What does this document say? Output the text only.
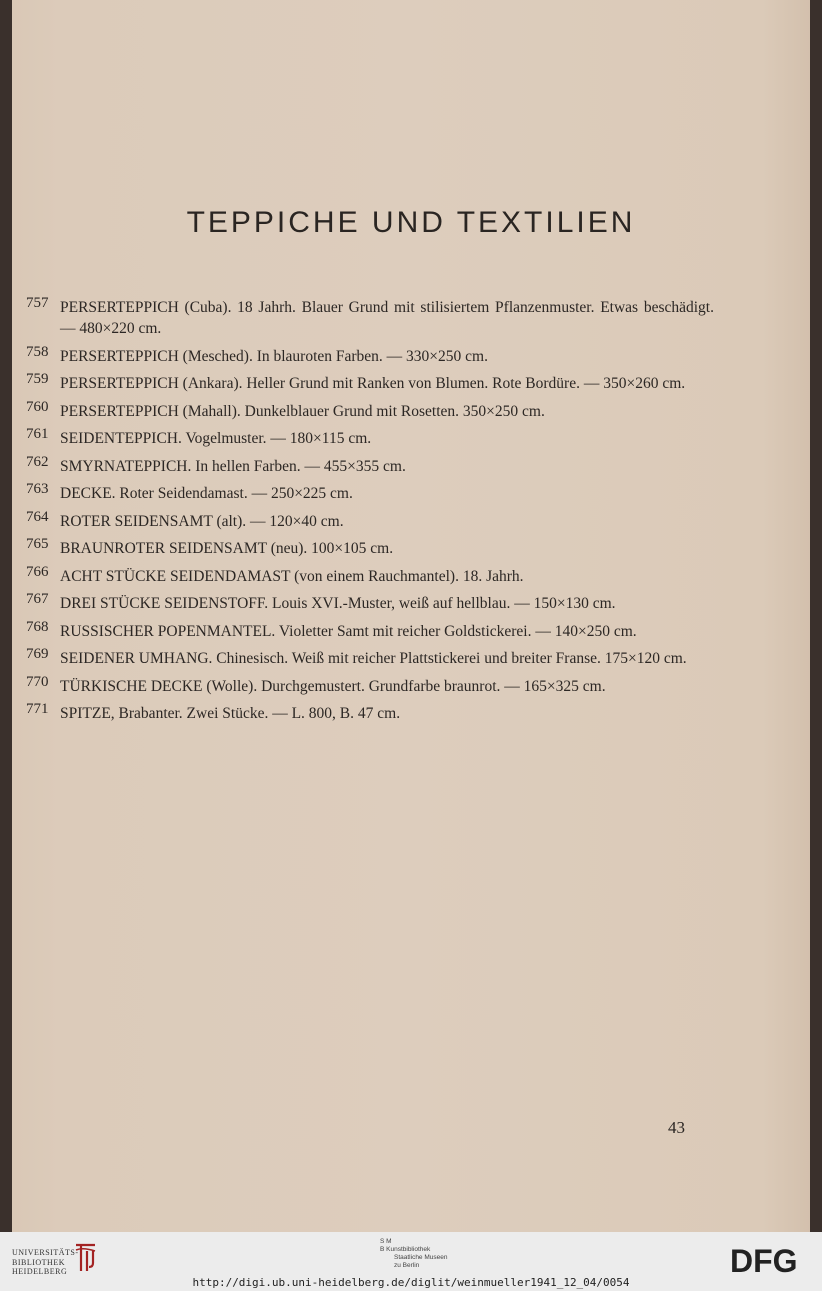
TEPPICHE UND TEXTILIEN
757 PERSERTEPPICH (Cuba). 18 Jahrh. Blauer Grund mit stilisiertem Pflanzenmuster. Etwas beschädigt. — 480×220 cm.
758 PERSERTEPPICH (Mesched). In blauroten Farben. — 330×250 cm.
759 PERSERTEPPICH (Ankara). Heller Grund mit Ranken von Blumen. Rote Bordüre. — 350×260 cm.
760 PERSERTEPPICH (Mahall). Dunkelblauer Grund mit Rosetten. 350×250 cm.
761 SEIDENTEPPICH. Vogelmuster. — 180×115 cm.
762 SMYRNATEPPICH. In hellen Farben. — 455×355 cm.
763 DECKE. Roter Seidendamast. — 250×225 cm.
764 ROTER SEIDENSAMT (alt). — 120×40 cm.
765 BRAUNROTER SEIDENSAMT (neu). 100×105 cm.
766 ACHT STÜCKE SEIDENDAMAST (von einem Rauchmantel). 18. Jahrh.
767 DREI STÜCKE SEIDENSTOFF. Louis XVI.-Muster, weiß auf hellblau. — 150×130 cm.
768 RUSSISCHER POPENMANTEL. Violetter Samt mit reicher Goldstickerei. — 140×250 cm.
769 SEIDENER UMHANG. Chinesisch. Weiß mit reicher Plattstickerei und breiter Franse. 175×120 cm.
770 TÜRKISCHE DECKE (Wolle). Durchgemustert. Grundfarbe braunrot. — 165×325 cm.
771 SPITZE, Brabanter. Zwei Stücke. — L. 800, B. 47 cm.
43
UNIVERSITÄTS-
BIBLIOTHEK
HEIDELBERG
S M
B Kunstbibliothek
Staatliche Museen
zu Berlin	DFG
http://digi.ub.uni-heidelberg.de/diglit/weinmueller1941_12_04/0054
